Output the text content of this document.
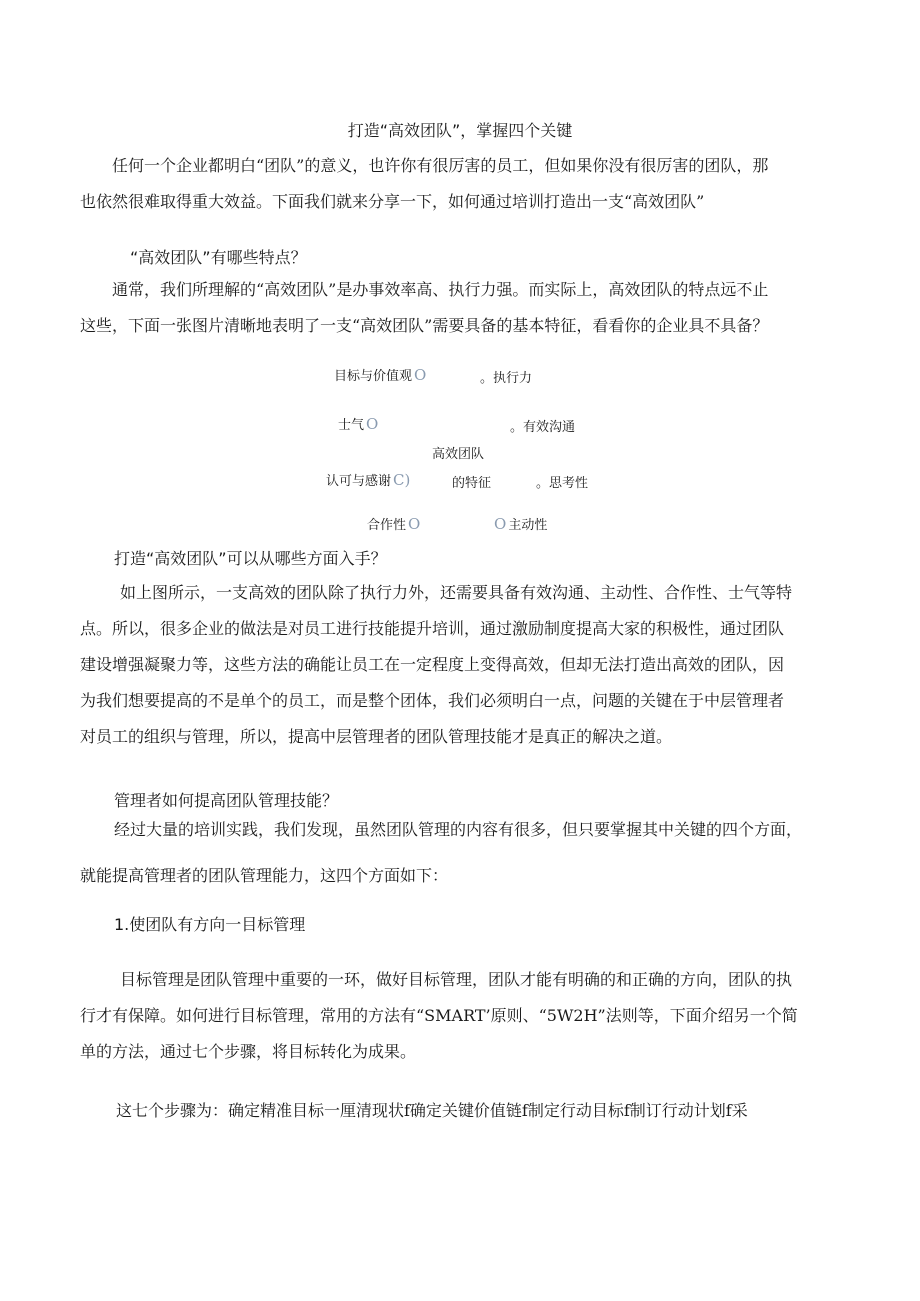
打造“高效团队”，掌握四个关键

任何一个企业都明白“团队”的意义，也许你有很厉害的员工，但如果你没有很厉害的团队，那

也依然很难取得重大效益。下面我们就来分享一下，如何通过培训打造出一支“高效团队”

“高效团队”有哪些特点？

通常，我们所理解的“高效团队”是办事效率高、执行力强。而实际上，高效团队的特点远不止

这些，下面一张图片清晰地表明了一支“高效团队”需要具备的基本特征，看看你的企业具不具备？

目标与价值观 O	。执行力
士气 O	。有效沟通
高效团队
认可与感谢 C)	的特征	。思考性
合作性 O	O 主动性
打造“高效团队”可以从哪些方面入手？

如上图所示，一支高效的团队除了执行力外，还需要具备有效沟通、主动性、合作性、士气等特

点。所以，很多企业的做法是对员工进行技能提升培训，通过激励制度提高大家的积极性，通过团队

建设增强凝聚力等，这些方法的确能让员工在一定程度上变得高效，但却无法打造出高效的团队，因

为我们想要提高的不是单个的员工，而是整个团体，我们必须明白一点，问题的关键在于中层管理者

对员工的组织与管理，所以，提高中层管理者的团队管理技能才是真正的解决之道。

管理者如何提高团队管理技能？
经过大量的培训实践，我们发现，虽然团队管理的内容有很多，但只要掌握其中关键的四个方面，
就能提高管理者的团队管理能力，这四个方面如下：
1.使团队有方向一目标管理

目标管理是团队管理中重要的一环，做好目标管理，团队才能有明确的和正确的方向，团队的执

行才有保障。如何进行目标管理，常用的方法有“SMART’原则、“5W2H”法则等，下面介绍另一个简

单的方法，通过七个步骤，将目标转化为成果。

这七个步骤为：确定精准目标一厘清现状f确定关键价值链f制定行动目标f制订行动计划f采
